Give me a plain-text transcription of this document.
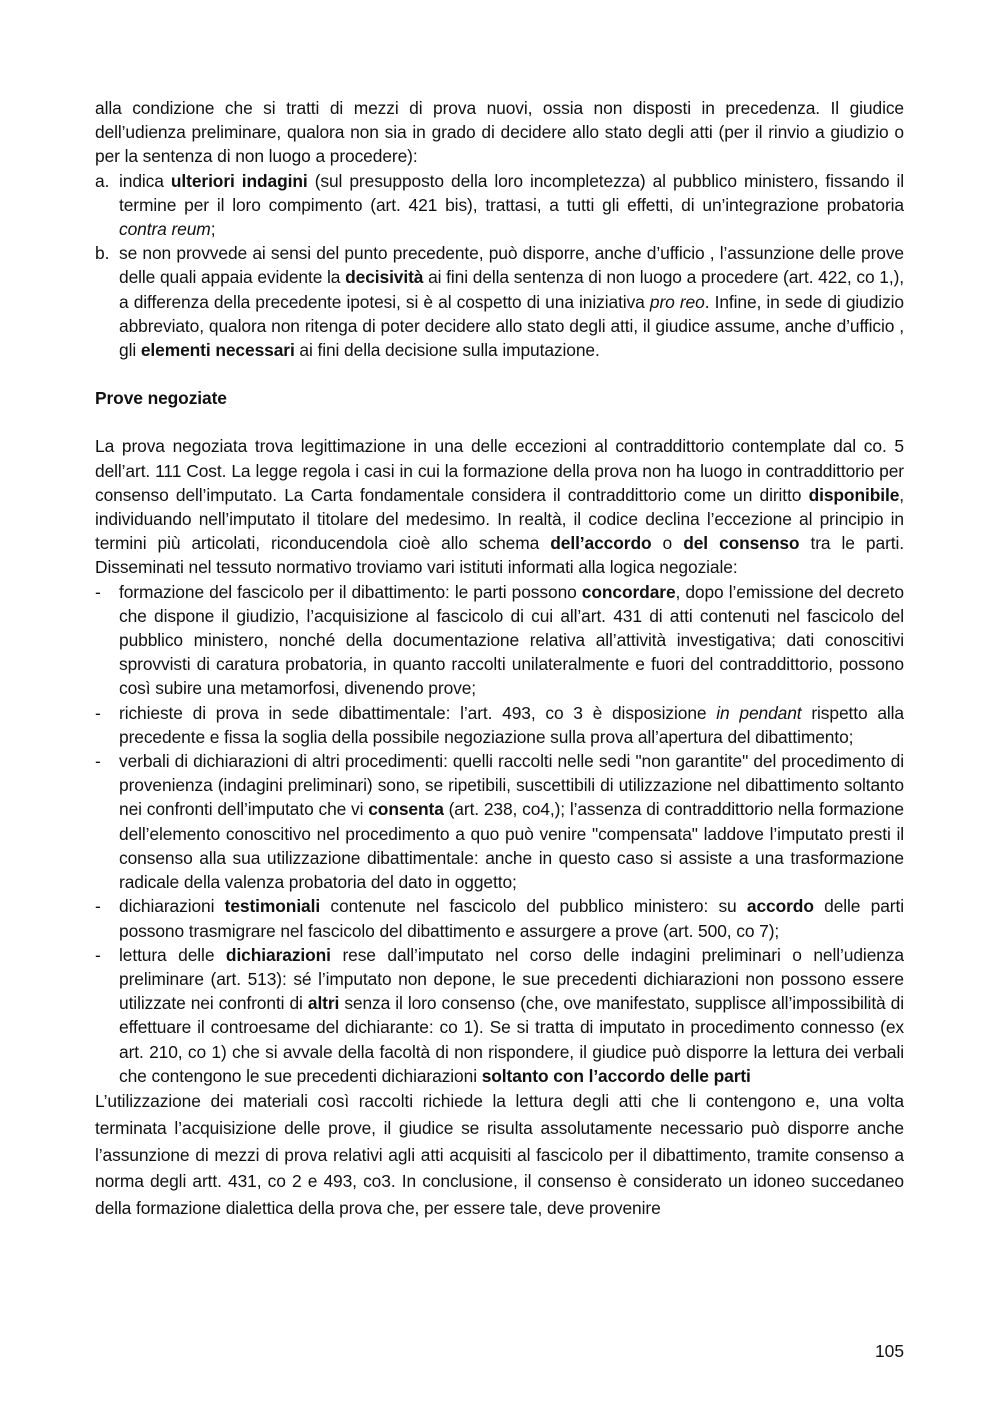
alla condizione che si tratti di mezzi di prova nuovi, ossia non disposti in precedenza. Il giudice dell’udienza preliminare, qualora non sia in grado di decidere allo stato degli atti (per il rinvio a giudizio o per la sentenza di non luogo a procedere):

a. indica ulteriori indagini (sul presupposto della loro incompletezza) al pubblico ministero, fissando il termine per il loro compimento (art. 421 bis), trattasi, a tutti gli effetti, di un’integrazione probatoria contra reum;
b. se non provvede ai sensi del punto precedente, può disporre, anche d’ufficio , l’assunzione delle prove delle quali appaia evidente la decisività ai fini della sentenza di non luogo a procedere (art. 422, co 1,), a differenza della precedente ipotesi, si è al cospetto di una iniziativa pro reo. Infine, in sede di giudizio abbreviato, qualora non ritenga di poter decidere allo stato degli atti, il giudice assume, anche d’ufficio , gli elementi necessari ai fini della decisione sulla imputazione.

Prove negoziate

La prova negoziata trova legittimazione in una delle eccezioni al contraddittorio contemplate dal co. 5 dell’art. 111 Cost. La legge regola i casi in cui la formazione della prova non ha luogo in contraddittorio per consenso dell’imputato. La Carta fondamentale considera il contraddittorio come un diritto disponibile, individuando nell’imputato il titolare del medesimo. In realtà, il codice declina l’eccezione al principio in termini più articolati, riconducendola cioè allo schema dell’accordo o del consenso tra le parti. Disseminati nel tessuto normativo troviamo vari istituti informati alla logica negoziale:

- formazione del fascicolo per il dibattimento: le parti possono concordare, dopo l’emissione del decreto che dispone il giudizio, l’acquisizione al fascicolo di cui all’art. 431 di atti contenuti nel fascicolo del pubblico ministero, nonché della documentazione relativa all’attività investigativa; dati conoscitivi sprovvisti di caratura probatoria, in quanto raccolti unilateralmente e fuori del contraddittorio, possono così subire una metamorfosi, divenendo prove;
- richieste di prova in sede dibattimentale: l’art. 493, co 3 è disposizione in pendant rispetto alla precedente e fissa la soglia della possibile negoziazione sulla prova all’apertura del dibattimento;
- verbali di dichiarazioni di altri procedimenti: quelli raccolti nelle sedi "non garantite" del procedimento di provenienza (indagini preliminari) sono, se ripetibili, suscettibili di utilizzazione nel dibattimento soltanto nei confronti dell’imputato che vi consenta (art. 238, co4,); l’assenza di contraddittorio nella formazione dell’elemento conoscitivo nel procedimento a quo può venire "compensata" laddove l’imputato presti il consenso alla sua utilizzazione dibattimentale: anche in questo caso si assiste a una trasformazione radicale della valenza probatoria del dato in oggetto;
- dichiarazioni testimoniali contenute nel fascicolo del pubblico ministero: su accordo delle parti possono trasmigrare nel fascicolo del dibattimento e assurgere a prove (art. 500, co 7);
- lettura delle dichiarazioni rese dall’imputato nel corso delle indagini preliminari o nell’udienza preliminare (art. 513): sé l’imputato non depone, le sue precedenti dichiarazioni non possono essere utilizzate nei confronti di altri senza il loro consenso (che, ove manifestato, supplisce all’impossibilità di effettuare il controesame del dichiarante: co 1). Se si tratta di imputato in procedimento connesso (ex art. 210, co 1) che si avvale della facoltà di non rispondere, il giudice può disporre la lettura dei verbali che contengono le sue precedenti dichiarazioni soltanto con l’accordo delle parti

L’utilizzazione dei materiali così raccolti richiede la lettura degli atti che li contengono e, una volta terminata l’acquisizione delle prove, il giudice se risulta assolutamente necessario può disporre anche l’assunzione di mezzi di prova relativi agli atti acquisiti al fascicolo per il dibattimento, tramite consenso a norma degli artt. 431, co 2 e 493, co3. In conclusione, il consenso è considerato un idoneo succedaneo della formazione dialettica della prova che, per essere tale, deve provenire

105
